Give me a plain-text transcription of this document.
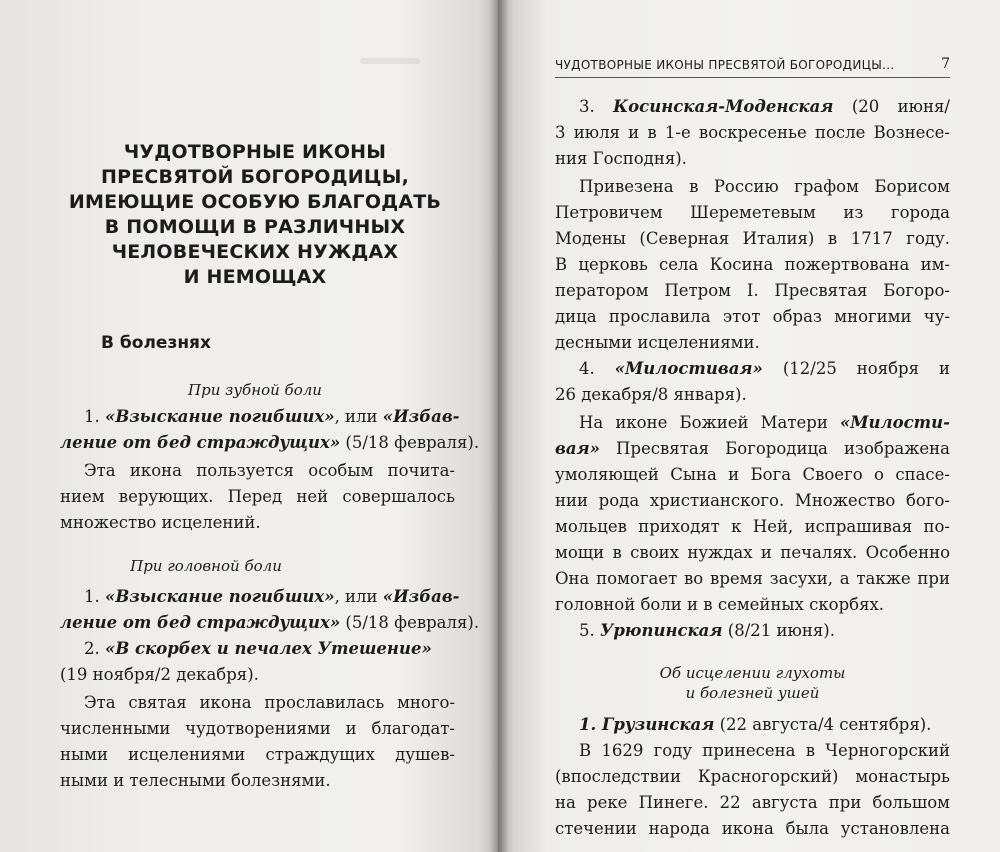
ЧУДОТВОРНЫЕ ИКОНЫ
ПРЕСВЯТОЙ БОГОРОДИЦЫ,
ИМЕЮЩИЕ ОСОБУЮ БЛАГОДАТЬ
В ПОМОЩИ В РАЗЛИЧНЫХ
ЧЕЛОВЕЧЕСКИХ НУЖДАХ
И НЕМОЩАХ
В болезнях
При зубной боли
1. «Взыскание погибших», или «Избав-
ление от бед страждущих» (5/18 февраля).
Эта икона пользуется особым почита-
нием верующих. Перед ней совершалось
множество исцелений.
При головной боли
1. «Взыскание погибших», или «Избав-
ление от бед страждущих» (5/18 февраля).
2. «В скорбех и печалех Утешение»
(19 ноября/2 декабря).
Эта святая икона прославилась много-
численными чудотворениями и благодат-
ными исцелениями страждущих душев-
ными и телесными болезнями.
ЧУДОТВОРНЫЕ ИКОНЫ ПРЕСВЯТОЙ БОГОРОДИЦЫ...	7
3. Косинская-Моденская (20 июня/
3 июля и в 1-е воскресенье после Вознесе-
ния Господня).
Привезена в Россию графом Борисом
Петровичем Шереметевым из города
Модены (Северная Италия) в 1717 году.
В церковь села Косина пожертвована им-
ператором Петром I. Пресвятая Богоро-
дица прославила этот образ многими чу-
десными исцелениями.
4. «Милостивая» (12/25 ноября и
26 декабря/8 января).
На иконе Божией Матери «Милости-
вая» Пресвятая Богородица изображена
умоляющей Сына и Бога Своего о спасе-
нии рода христианского. Множество бого-
мольцев приходят к Ней, испрашивая по-
мощи в своих нуждах и печалях. Особенно
Она помогает во время засухи, а также при
головной боли и в семейных скорбях.
5. Урюпинская (8/21 июня).
Об исцелении глухоты
и болезней ушей
1. Грузинская (22 августа/4 сентября).
В 1629 году принесена в Черногорский
(впоследствии Красногорский) монастырь
на реке Пинеге. 22 августа при большом
стечении народа икона была установлена
